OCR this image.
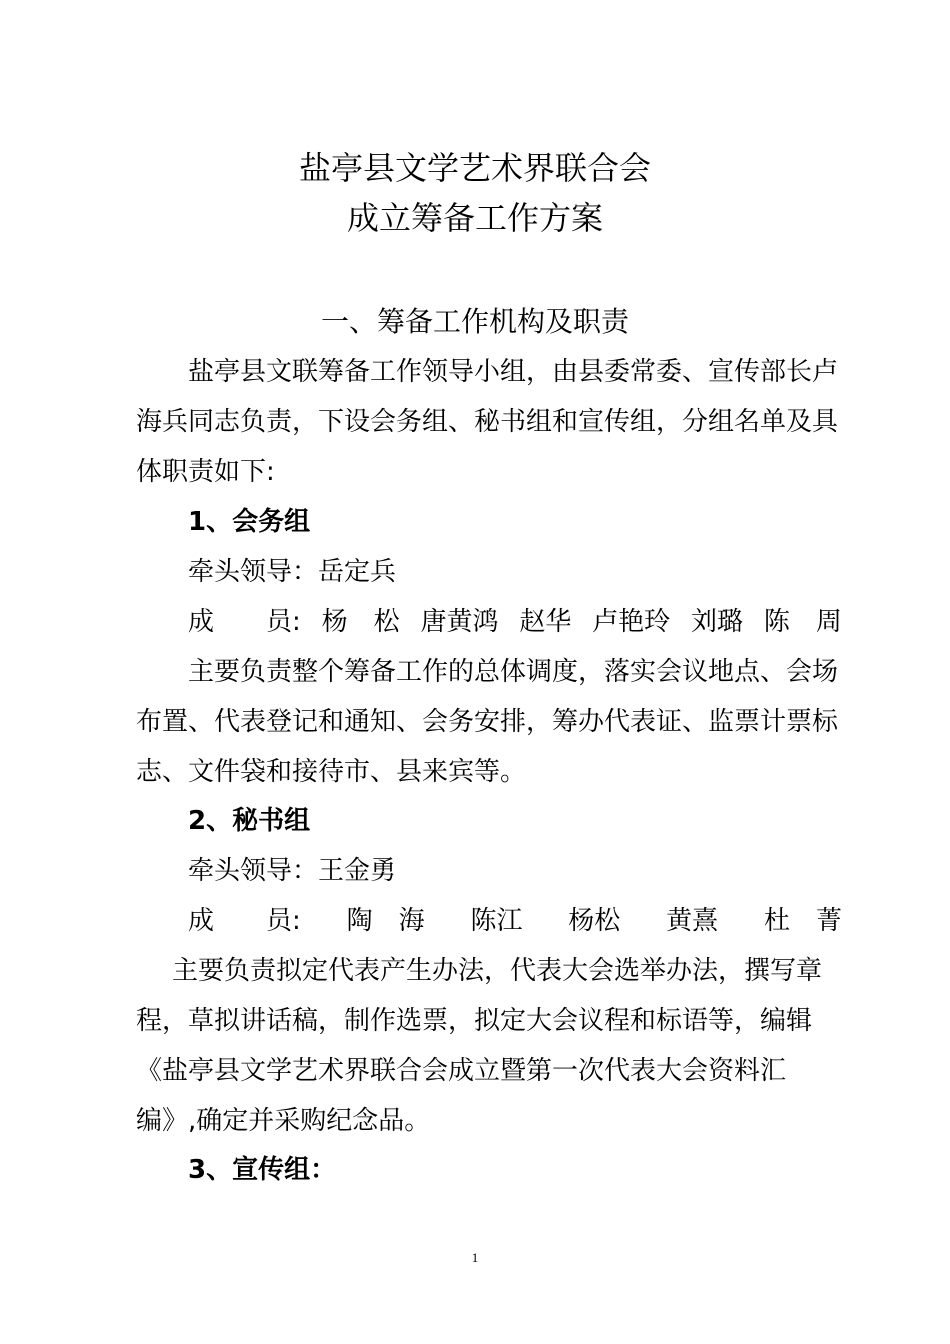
盐亭县文学艺术界联合会
成立筹备工作方案
一、筹备工作机构及职责

盐亭县文联筹备工作领导小组，由县委常委、宣传部长卢海兵同志负责，下设会务组、秘书组和宣传组，分组名单及具体职责如下:

1、会务组
牵头领导：岳定兵
成　　员: 杨　松 唐黄鸿 赵华 卢艳玲 刘璐 陈　周

主要负责整个筹备工作的总体调度，落实会议地点、会场布置、代表登记和通知、会务安排，筹办代表证、监票计票标志、文件袋和接待市、县来宾等。

2、秘书组
牵头领导：王金勇
成　　员: 陶　海 陈江 杨松 黄熹 杜　菁

主要负责拟定代表产生办法，代表大会选举办法，撰写章程，草拟讲话稿，制作选票，拟定大会议程和标语等，编辑《盐亭县文学艺术界联合会成立暨第一次代表大会资料汇编》,确定并采购纪念品。

3、宣传组：
1
